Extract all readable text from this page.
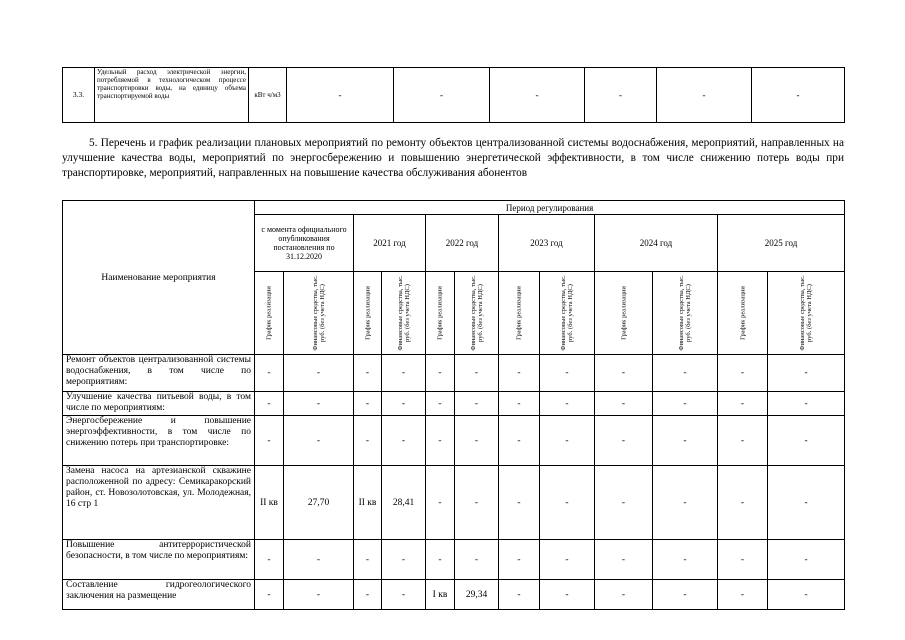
3.3.	Удельный расход электрической энергии, потребляемой в технологическом процессе транспортировки воды, на единицу объема транспортируемой воды	кВт ч/м3	-	-	-	-	-	-

5. Перечень и график реализации плановых мероприятий по ремонту объектов централизованной системы водоснабжения, мероприятий, направленных на улучшение качества воды, мероприятий по энергосбережению и повышению энергетической эффективности, в том числе снижению потерь воды при транспортировке, мероприятий, направленных на повышение качества обслуживания абонентов

Наименование мероприятия	Период регулирования											
	с момента официального опубликования постановления по 31.12.2020		2021 год		2022 год		2023 год		2024 год		2025 год	

	График реализации	Финансовые средства, тыс. руб. (без учета НДС)	График реализации	Финансовые средства, тыс. руб. (без учета НДС)	График реализации	Финансовые средства, тыс. руб. (без учета НДС)	График реализации	Финансовые средства, тыс. руб. (без учета НДС)	График реализации	Финансовые средства, тыс. руб. (без учета НДС)	График реализации	Финансовые средства, тыс. руб. (без учета НДС)

Ремонт объектов централизованной системы водоснабжения, в том числе по мероприятиям:	-	-	-	-	-	-	-	-	-	-	-	-
Улучшение качества питьевой воды, в том числе по мероприятиям:	-	-	-	-	-	-	-	-	-	-	-	-
Энергосбережение и повышение энергоэффективности, в том числе по снижению потерь при транспортировке:	-	-	-	-	-	-	-	-	-	-	-	-
Замена насоса на артезианской скважине расположенной по адресу: Семикаракорский район, ст. Новозолотовская, ул. Молодежная, 16 стр 1	II кв	27,70	II кв	28,41	-	-	-	-	-	-	-	-
Повышение антитеррористической безопасности, в том числе по мероприятиям:	-	-	-	-	-	-	-	-	-	-	-	-
Составление гидрогеологического заключения на размещение	-	-	-	-	I кв	29,34	-	-	-	-	-	-
